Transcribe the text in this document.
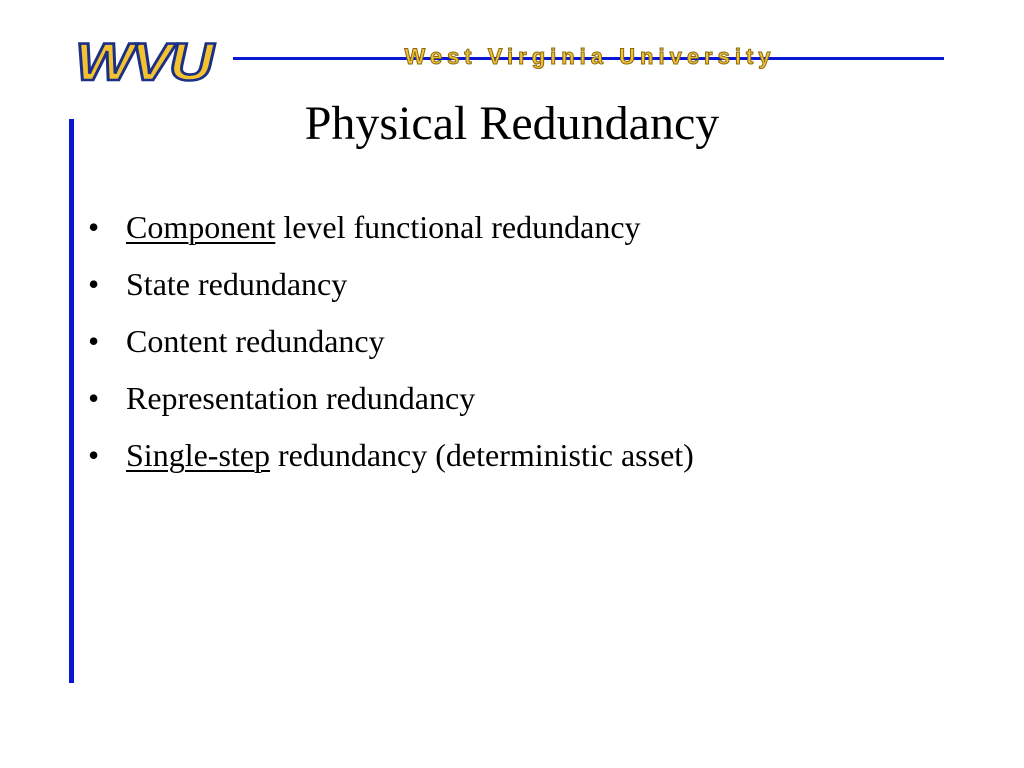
WVU	West Virginia University
Physical Redundancy
• Component level functional redundancy
• State redundancy
• Content redundancy
• Representation redundancy
• Single-step redundancy (deterministic asset)
